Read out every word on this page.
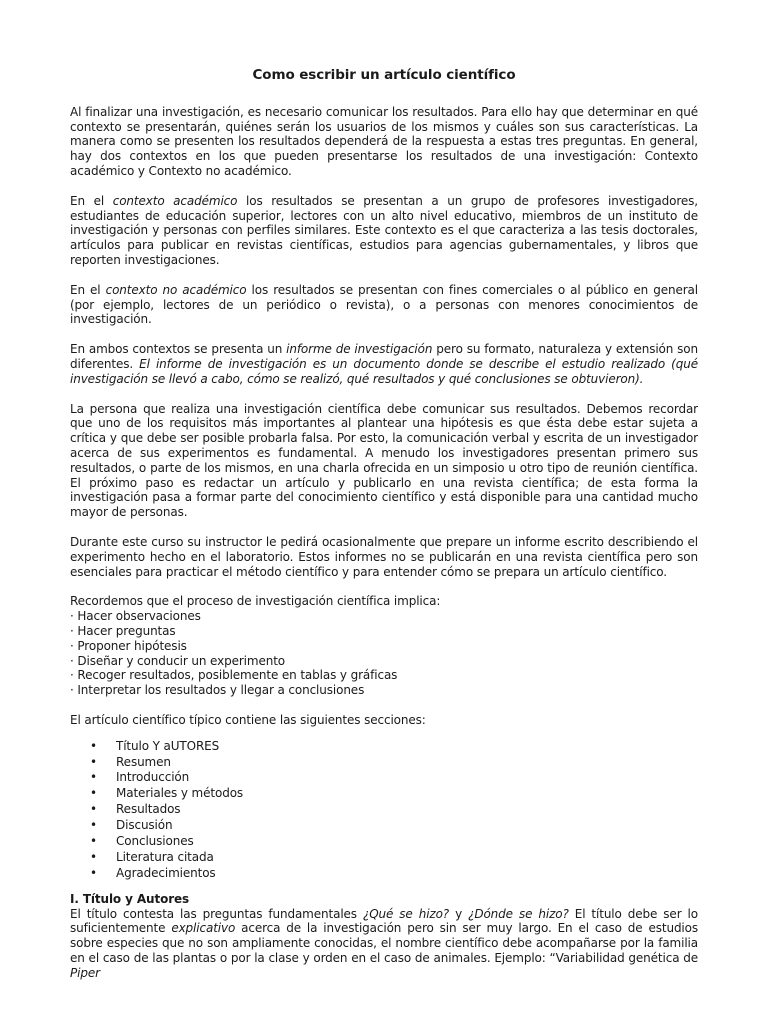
Como escribir un artículo científico

Al finalizar una investigación, es necesario comunicar los resultados. Para ello hay que determinar en qué contexto se presentarán, quiénes serán los usuarios de los mismos y cuáles son sus características. La manera como se presenten los resultados dependerá de la respuesta a estas tres preguntas. En general, hay dos contextos en los que pueden presentarse los resultados de una investigación: Contexto académico y Contexto no académico.

En el contexto académico los resultados se presentan a un grupo de profesores investigadores, estudiantes de educación superior, lectores con un alto nivel educativo, miembros de un instituto de investigación y personas con perfiles similares. Este contexto es el que caracteriza a las tesis doctorales, artículos para publicar en revistas científicas, estudios para agencias gubernamentales, y libros que reporten investigaciones.

En el contexto no académico los resultados se presentan con fines comerciales o al público en general (por ejemplo, lectores de un periódico o revista), o a personas con menores conocimientos de investigación.

En ambos contextos se presenta un informe de investigación pero su formato, naturaleza y extensión son diferentes. El informe de investigación es un documento donde se describe el estudio realizado (qué investigación se llevó a cabo, cómo se realizó, qué resultados y qué conclusiones se obtuvieron).

La persona que realiza una investigación científica debe comunicar sus resultados. Debemos recordar que uno de los requisitos más importantes al plantear una hipótesis es que ésta debe estar sujeta a crítica y que debe ser posible probarla falsa. Por esto, la comunicación verbal y escrita de un investigador acerca de sus experimentos es fundamental. A menudo los investigadores presentan primero sus resultados, o parte de los mismos, en una charla ofrecida en un simposio u otro tipo de reunión científica. El próximo paso es redactar un artículo y publicarlo en una revista científica; de esta forma la investigación pasa a formar parte del conocimiento científico y está disponible para una cantidad mucho mayor de personas.

Durante este curso su instructor le pedirá ocasionalmente que prepare un informe escrito describiendo el experimento hecho en el laboratorio. Estos informes no se publicarán en una revista científica pero son esenciales para practicar el método científico y para entender cómo se prepara un artículo científico.

Recordemos que el proceso de investigación científica implica:
· Hacer observaciones
· Hacer preguntas
· Proponer hipótesis
· Diseñar y conducir un experimento
· Recoger resultados, posiblemente en tablas y gráficas
· Interpretar los resultados y llegar a conclusiones
El artículo científico típico contiene las siguientes secciones:
• Título Y aUTORES
• Resumen
• Introducción
• Materiales y métodos
• Resultados
• Discusión
• Conclusiones
• Literatura citada
• Agradecimientos
I. Título y Autores

El título contesta las preguntas fundamentales ¿Qué se hizo? y ¿Dónde se hizo? El título debe ser lo suficientemente explicativo acerca de la investigación pero sin ser muy largo. En el caso de estudios sobre especies que no son ampliamente conocidas, el nombre científico debe acompañarse por la familia en el caso de las plantas o por la clase y orden en el caso de animales. Ejemplo: “Variabilidad genética de Piper
